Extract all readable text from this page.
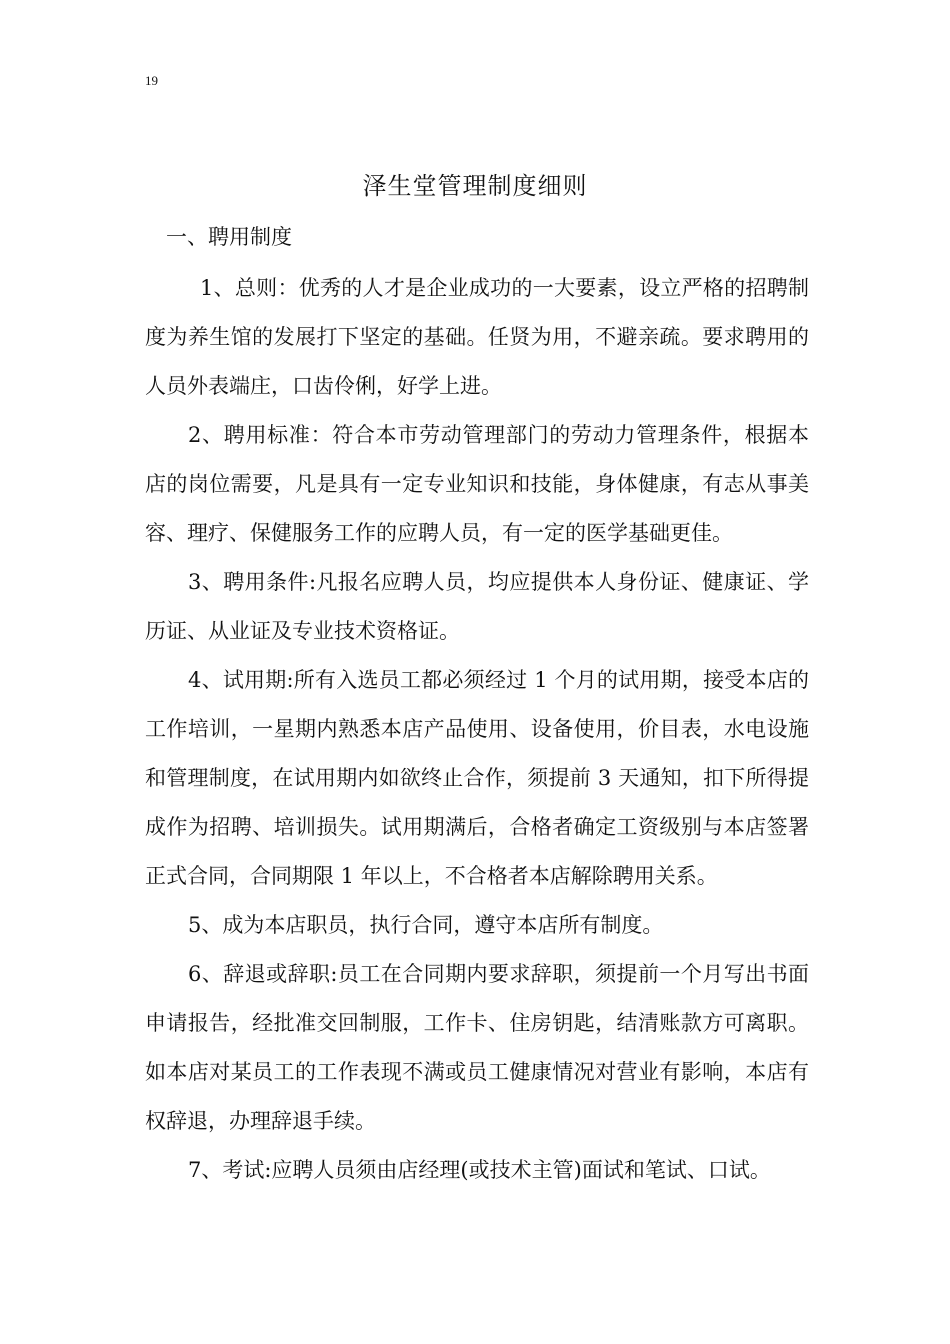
19
泽生堂管理制度细则
一、聘用制度

1、总则：优秀的人才是企业成功的一大要素，设立严格的招聘制度为养生馆的发展打下坚定的基础。任贤为用，不避亲疏。要求聘用的人员外表端庄，口齿伶俐，好学上进。

2、聘用标准：符合本市劳动管理部门的劳动力管理条件，根据本店的岗位需要，凡是具有一定专业知识和技能，身体健康，有志从事美容、理疗、保健服务工作的应聘人员，有一定的医学基础更佳。

3、聘用条件:凡报名应聘人员，均应提供本人身份证、健康证、学历证、从业证及专业技术资格证。

4、试用期:所有入选员工都必须经过 1 个月的试用期，接受本店的工作培训，一星期内熟悉本店产品使用、设备使用，价目表，水电设施和管理制度，在试用期内如欲终止合作，须提前 3 天通知，扣下所得提成作为招聘、培训损失。试用期满后，合格者确定工资级别与本店签署正式合同，合同期限 1 年以上，不合格者本店解除聘用关系。

5、成为本店职员，执行合同，遵守本店所有制度。

6、辞退或辞职:员工在合同期内要求辞职，须提前一个月写出书面申请报告，经批准交回制服，工作卡、住房钥匙，结清账款方可离职。如本店对某员工的工作表现不满或员工健康情况对营业有影响，本店有权辞退，办理辞退手续。

7、考试:应聘人员须由店经理(或技术主管)面试和笔试、口试。
